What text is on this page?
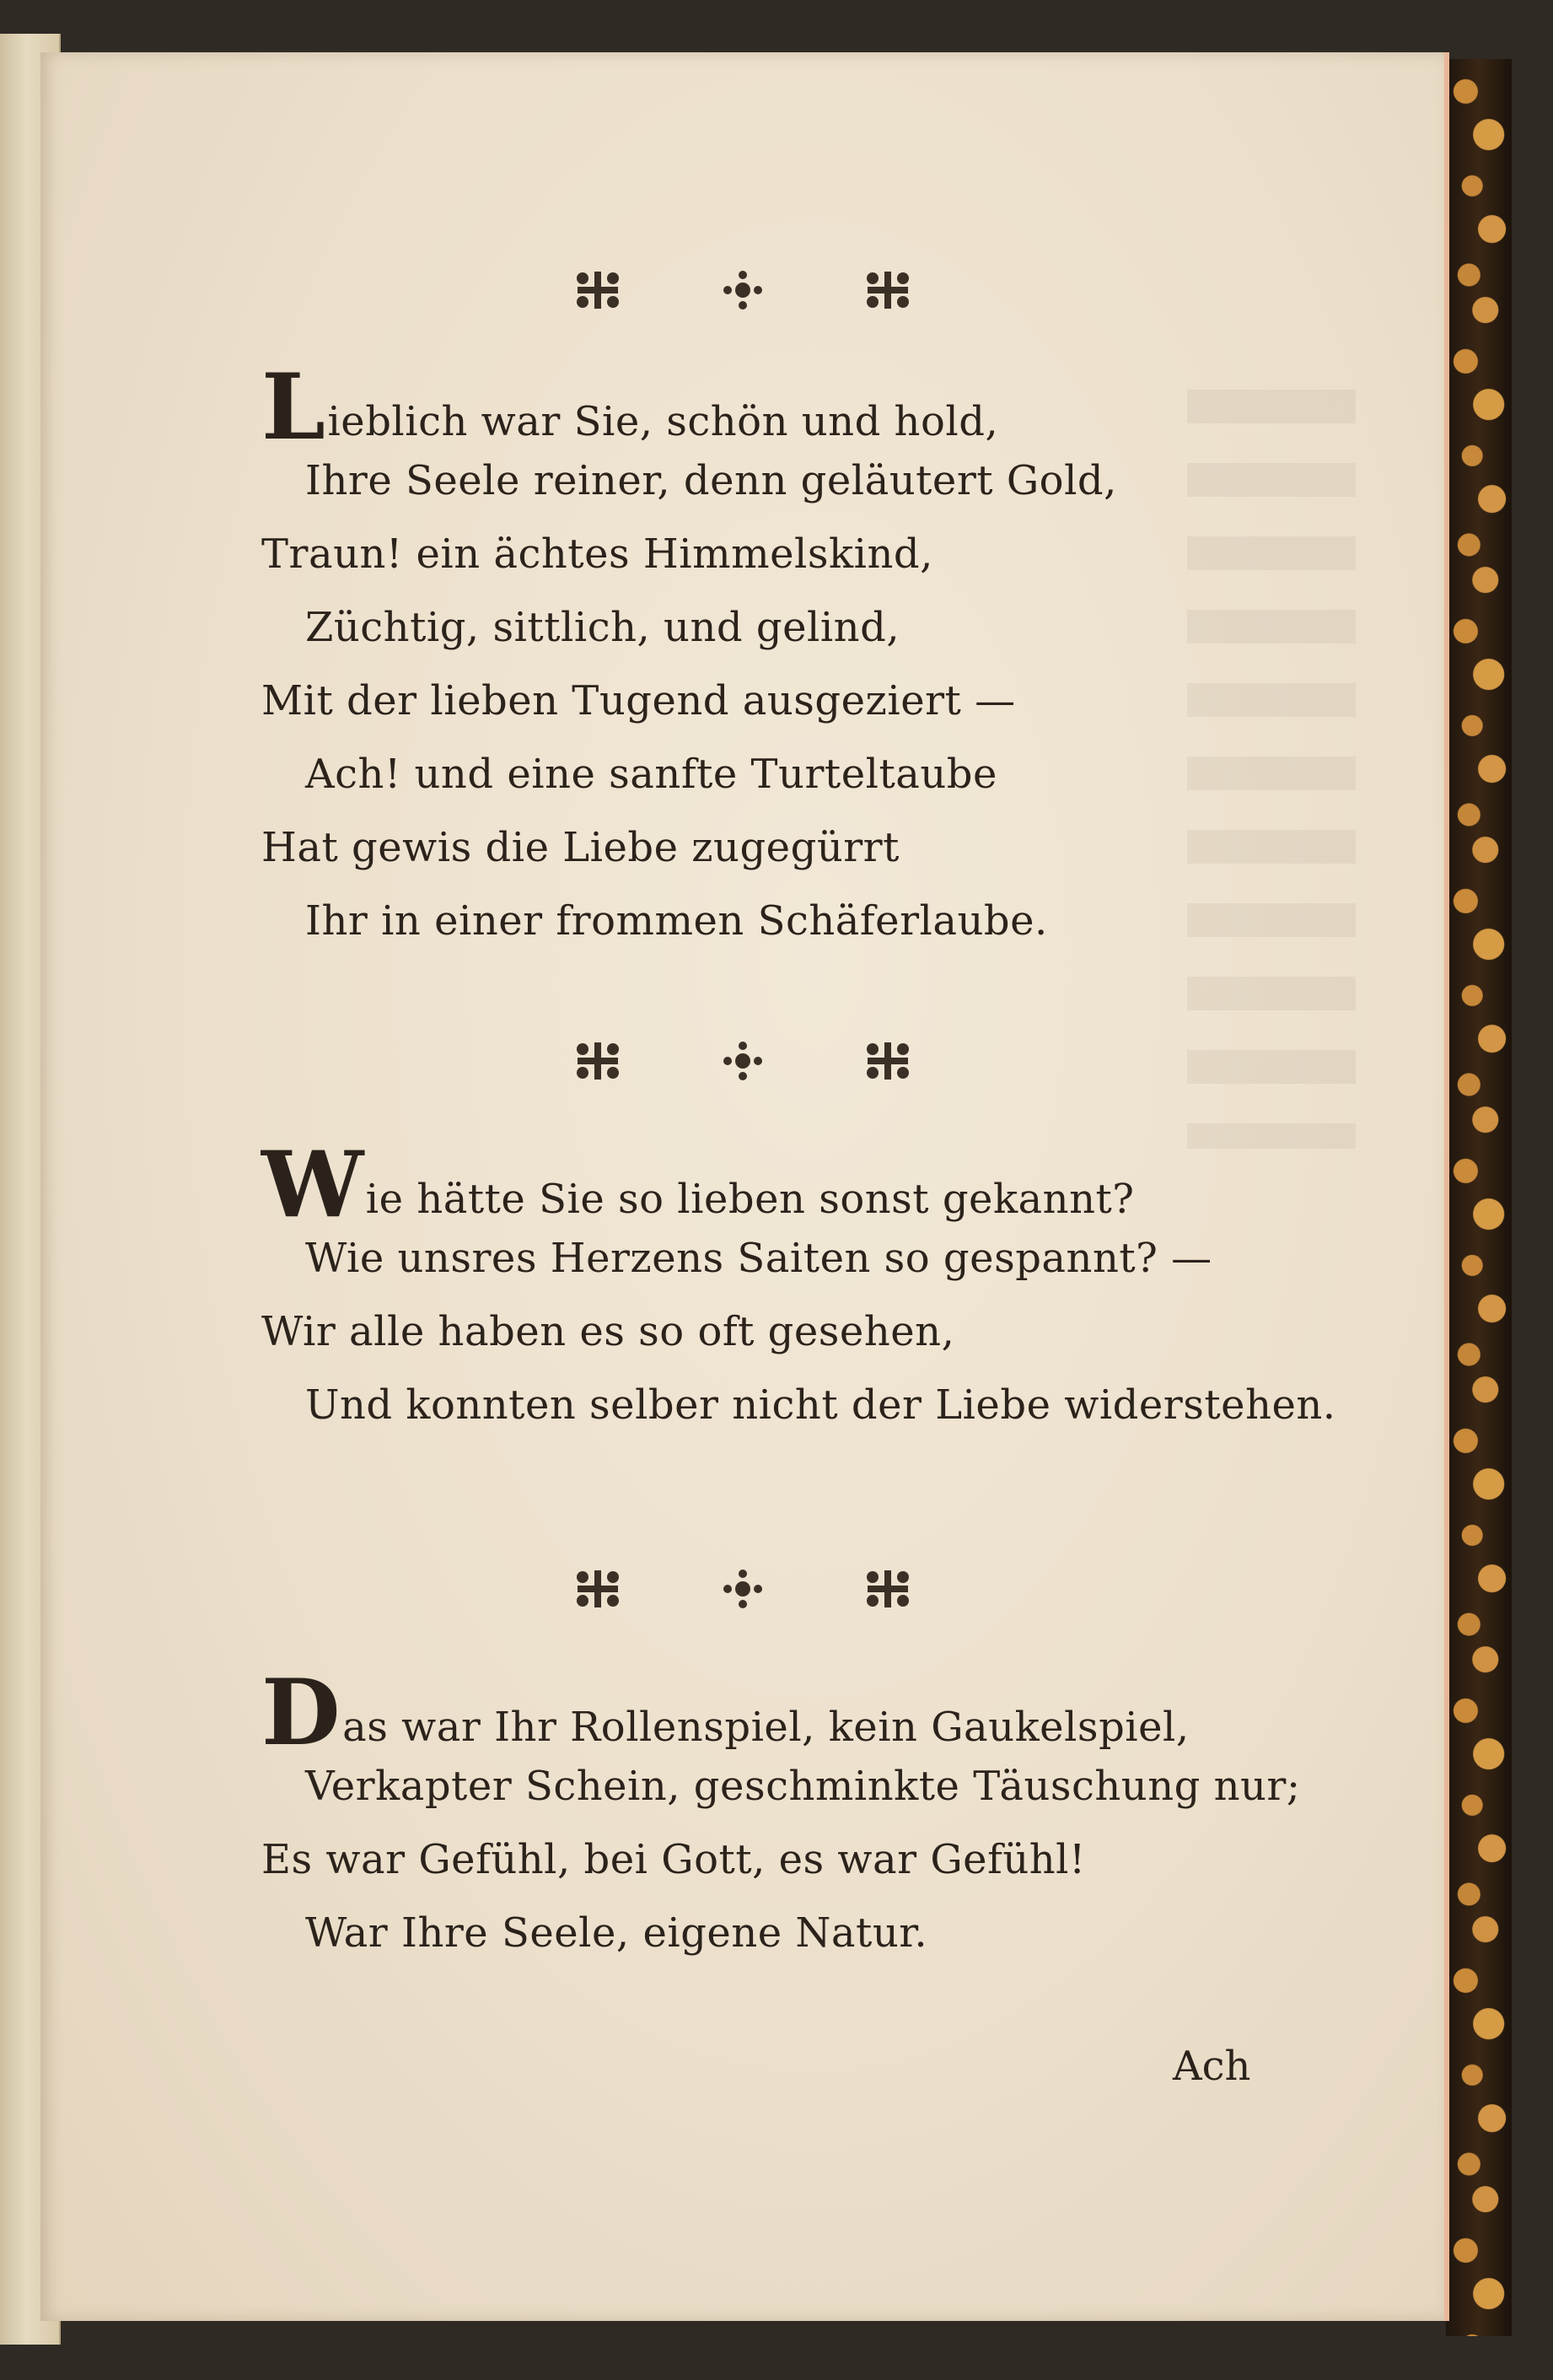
Lieblich war Sie, schön und hold,
Ihre Seele reiner, denn geläutert Gold,
Traun! ein ächtes Himmelskind,
Züchtig, sittlich, und gelind,
Mit der lieben Tugend ausgeziert —
Ach! und eine sanfte Turteltaube
Hat gewis die Liebe zugegürrt
Ihr in einer frommen Schäferlaube.
Wie hätte Sie so lieben sonst gekannt?
Wie unsres Herzens Saiten so gespannt? —
Wir alle haben es so oft gesehen,
Und konnten selber nicht der Liebe widerstehen.
Das war Ihr Rollenspiel, kein Gaukelspiel,
Verkapter Schein, geschminkte Täuschung nur;
Es war Gefühl, bei Gott, es war Gefühl!
War Ihre Seele, eigene Natur.
Ach
